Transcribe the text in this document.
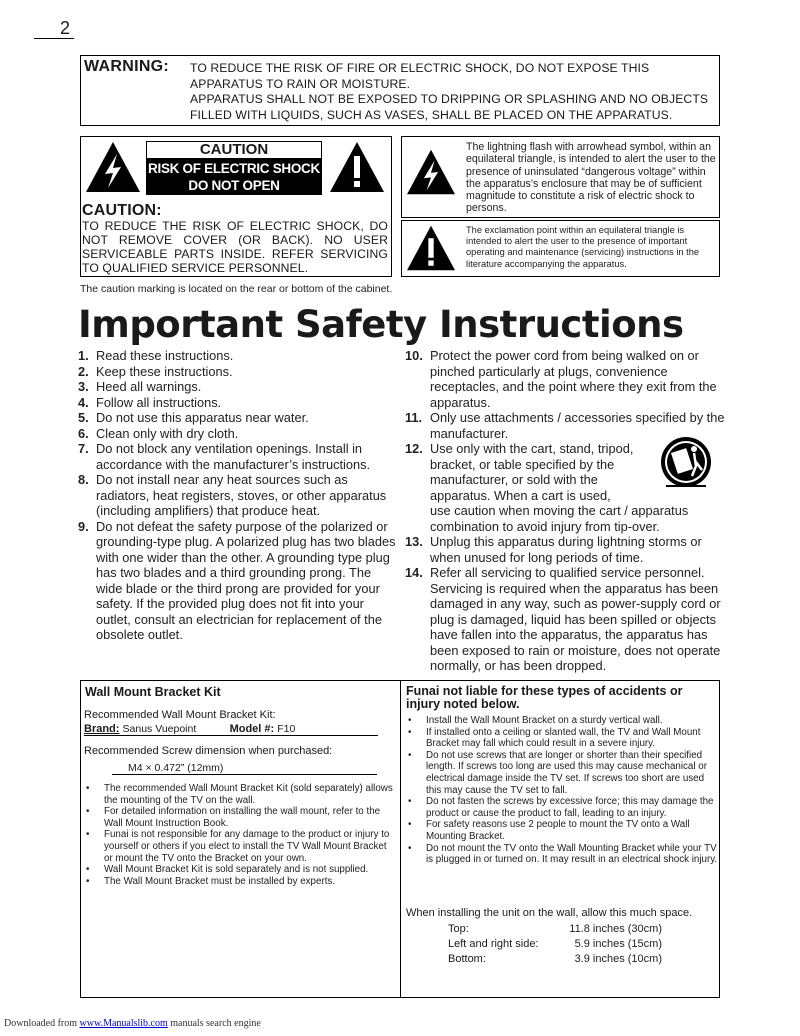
2
WARNING: TO REDUCE THE RISK OF FIRE OR ELECTRIC SHOCK, DO NOT EXPOSE THIS
APPARATUS TO RAIN OR MOISTURE.
APPARATUS SHALL NOT BE EXPOSED TO DRIPPING OR SPLASHING AND NO OBJECTS
FILLED WITH LIQUIDS, SUCH AS VASES, SHALL BE PLACED ON THE APPARATUS.
CAUTION
RISK OF ELECTRIC SHOCK
DO NOT OPEN
CAUTION:
TO REDUCE THE RISK OF ELECTRIC SHOCK, DO NOT REMOVE COVER (OR BACK). NO USER SERVICEABLE PARTS INSIDE. REFER SERVICING TO QUALIFIED SERVICE PERSONNEL.
The caution marking is located on the rear or bottom of the cabinet.
The lightning flash with arrowhead symbol, within an equilateral triangle, is intended to alert the user to the presence of uninsulated “dangerous voltage” within the apparatus’s enclosure that may be of sufficient magnitude to constitute a risk of electric shock to persons.
The exclamation point within an equilateral triangle is intended to alert the user to the presence of important operating and maintenance (servicing) instructions in the literature accompanying the apparatus.
Important Safety Instructions
1. Read these instructions.
2. Keep these instructions.
3. Heed all warnings.
4. Follow all instructions.
5. Do not use this apparatus near water.
6. Clean only with dry cloth.
7. Do not block any ventilation openings. Install in accordance with the manufacturer’s instructions.
8. Do not install near any heat sources such as radiators, heat registers, stoves, or other apparatus (including amplifiers) that produce heat.
9. Do not defeat the safety purpose of the polarized or grounding-type plug. A polarized plug has two blades with one wider than the other. A grounding type plug has two blades and a third grounding prong. The wide blade or the third prong are provided for your safety. If the provided plug does not fit into your outlet, consult an electrician for replacement of the obsolete outlet.
10. Protect the power cord from being walked on or pinched particularly at plugs, convenience receptacles, and the point where they exit from the apparatus.
11. Only use attachments / accessories specified by the manufacturer.
12. Use only with the cart, stand, tripod, bracket, or table specified by the manufacturer, or sold with the apparatus. When a cart is used,
use caution when moving the cart / apparatus combination to avoid injury from tip-over.
13. Unplug this apparatus during lightning storms or when unused for long periods of time.
14. Refer all servicing to qualified service personnel. Servicing is required when the apparatus has been damaged in any way, such as power-supply cord or plug is damaged, liquid has been spilled or objects have fallen into the apparatus, the apparatus has been exposed to rain or moisture, does not operate normally, or has been dropped.
Wall Mount Bracket Kit
Recommended Wall Mount Bracket Kit:
Brand: Sanus Vuepoint	Model #: F10
Recommended Screw dimension when purchased:
M4 × 0.472” (12mm)
•	The recommended Wall Mount Bracket Kit (sold separately) allows the mounting of the TV on the wall.
•	For detailed information on installing the wall mount, refer to the Wall Mount Instruction Book.
•	Funai is not responsible for any damage to the product or injury to yourself or others if you elect to install the TV Wall Mount Bracket or mount the TV onto the Bracket on your own.
•	Wall Mount Bracket Kit is sold separately and is not supplied.
•	The Wall Mount Bracket must be installed by experts.
Funai not liable for these types of accidents or injury noted below.
•	Install the Wall Mount Bracket on a sturdy vertical wall.
•	If installed onto a ceiling or slanted wall, the TV and Wall Mount Bracket may fall which could result in a severe injury.
•	Do not use screws that are longer or shorter than their specified length. If screws too long are used this may cause mechanical or electrical damage inside the TV set. If screws too short are used this may cause the TV set to fall.
•	Do not fasten the screws by excessive force; this may damage the product or cause the product to fall, leading to an injury.
•	For safety reasons use 2 people to mount the TV onto a Wall Mounting Bracket.
•	Do not mount the TV onto the Wall Mounting Bracket while your TV is plugged in or turned on. It may result in an electrical shock injury.
When installing the unit on the wall, allow this much space.
Top:	11.8 inches (30cm)
Left and right side:	5.9 inches (15cm)
Bottom:	3.9 inches (10cm)
Downloaded from www.Manualslib.com manuals search engine
